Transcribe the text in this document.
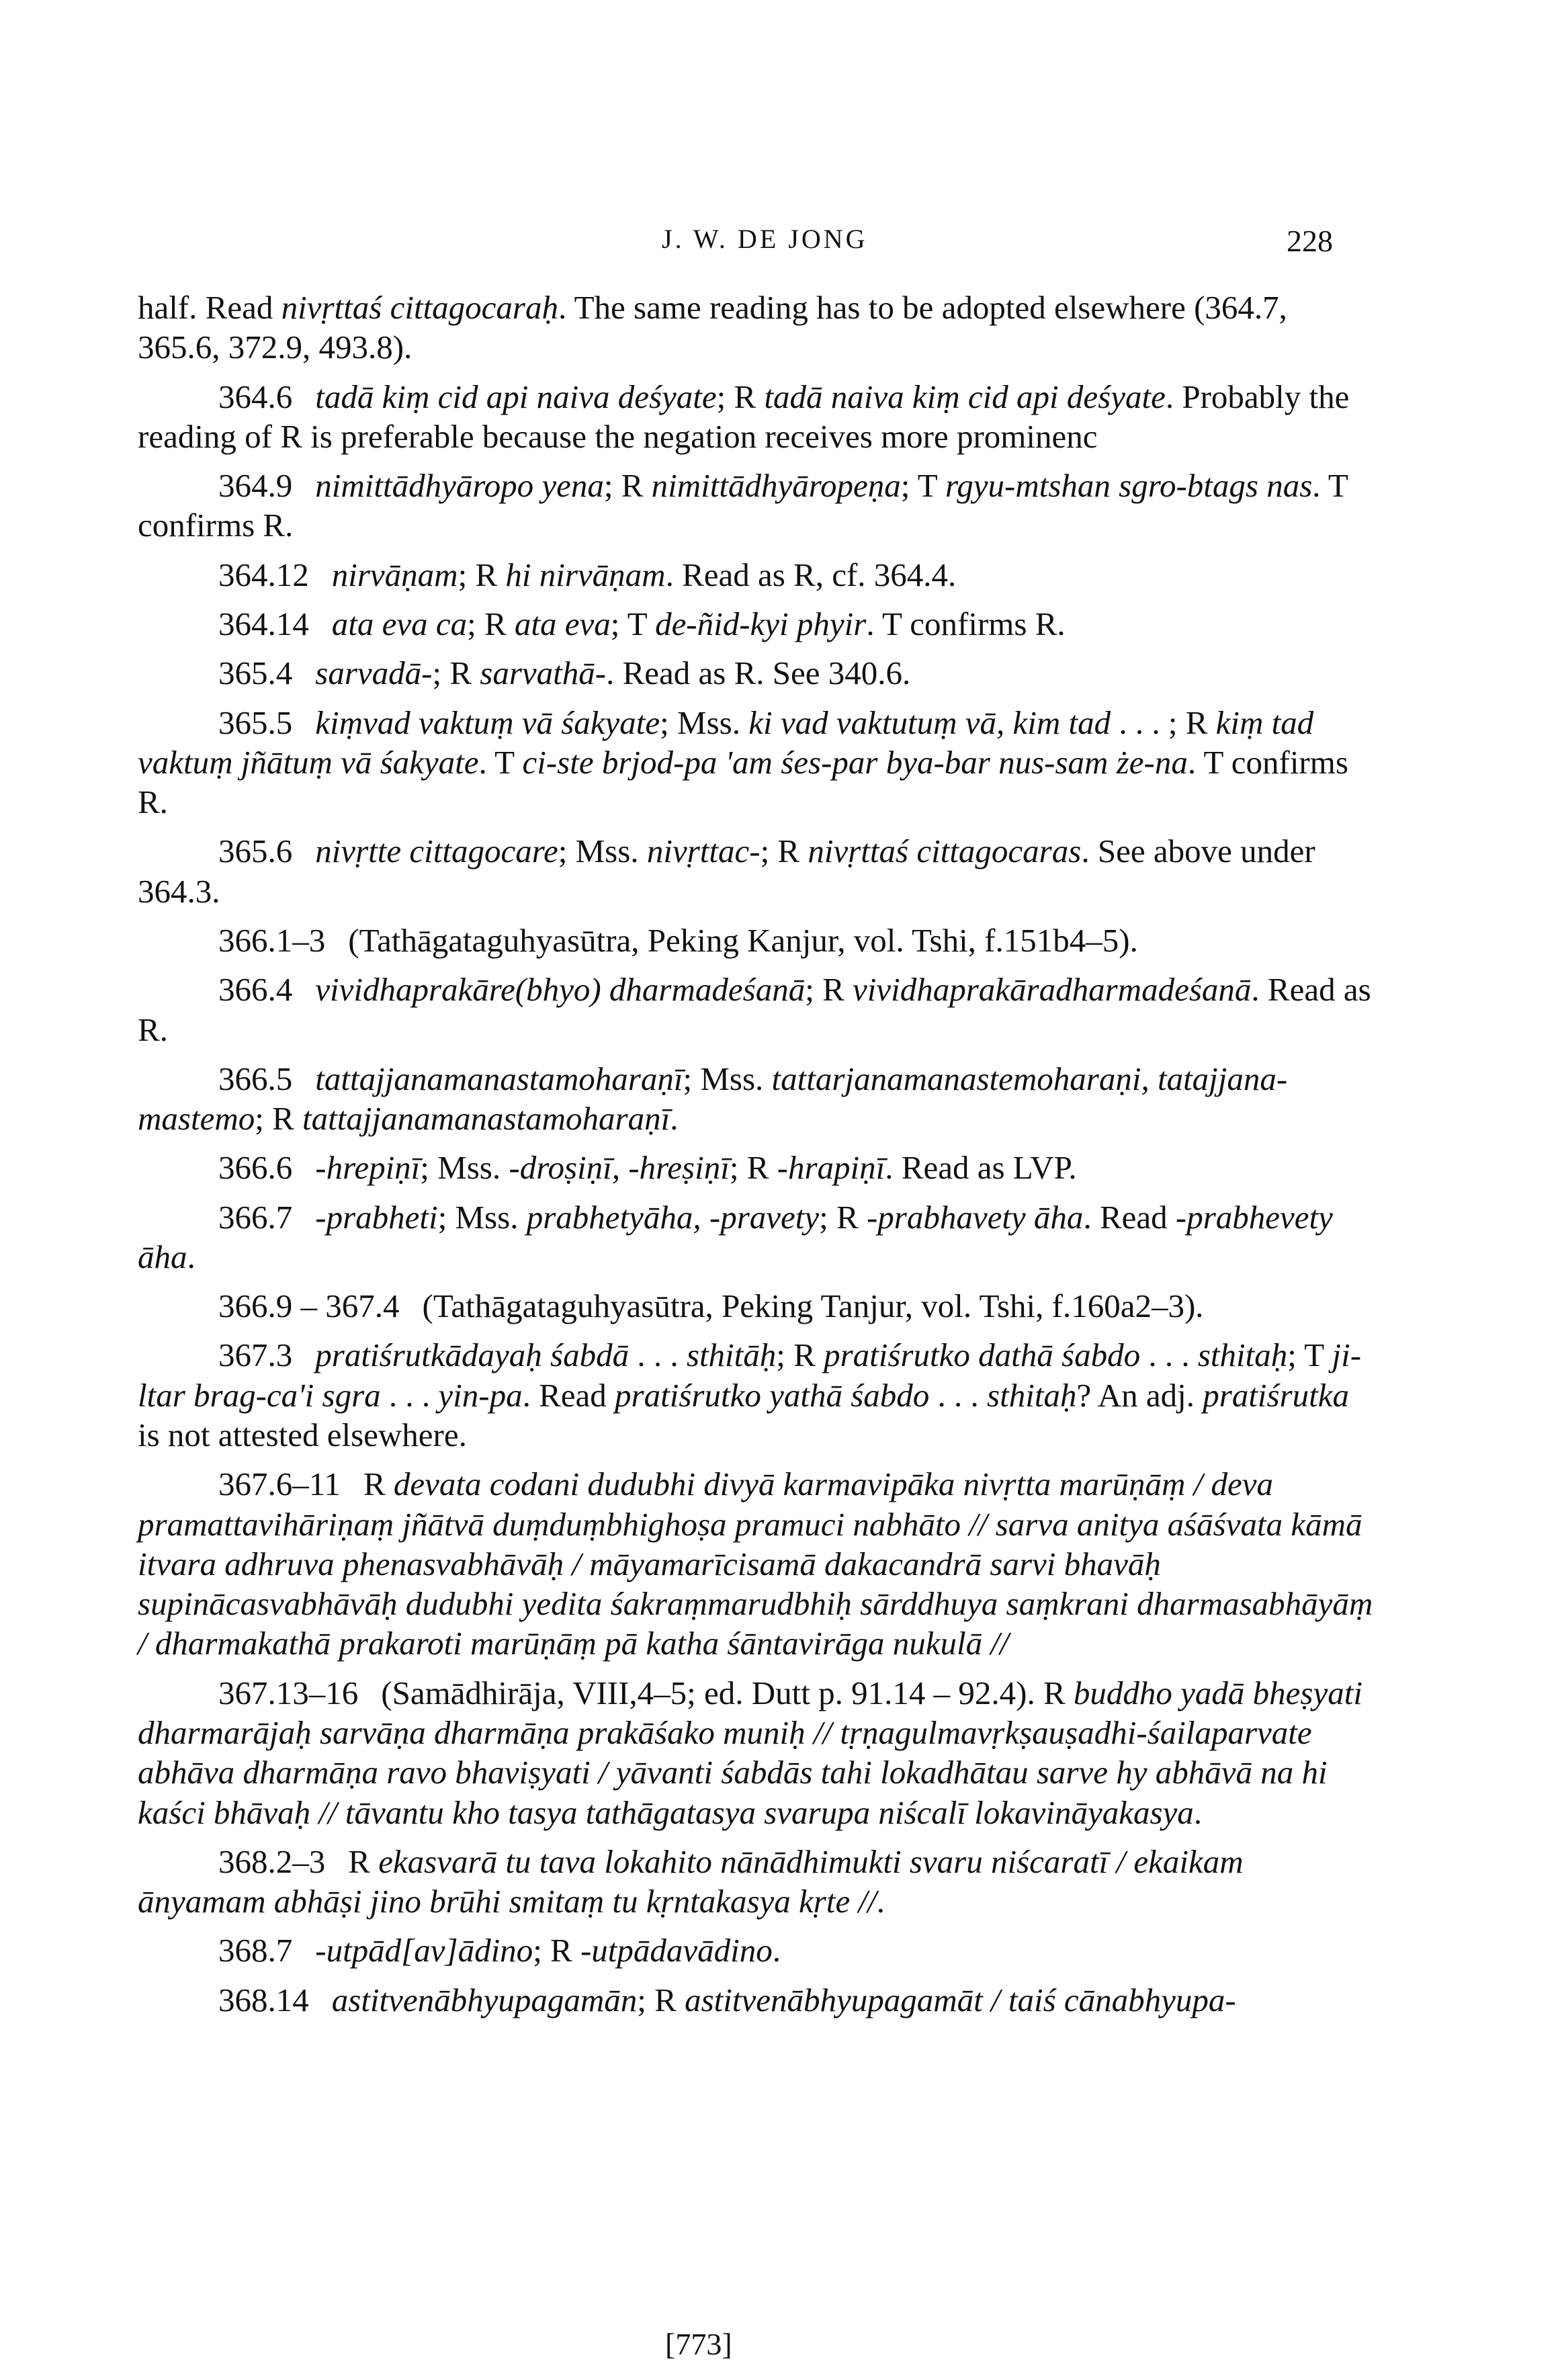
J. W. DE JONG	228

half. Read nivṛttaś cittagocaraḥ. The same reading has to be adopted elsewhere (364.7, 365.6, 372.9, 493.8).

364.6 tadā kiṃ cid api naiva deśyate; R tadā naiva kiṃ cid api deśyate. Probably the reading of R is preferable because the negation receives more prominenc

364.9 nimittādhyāropo yena; R nimittādhyāropeṇa; T rgyu-mtshan sgro-btags nas. T confirms R.

364.12 nirvāṇam; R hi nirvāṇam. Read as R, cf. 364.4.

364.14 ata eva ca; R ata eva; T de-ñid-kyi phyir. T confirms R.

365.4 sarvadā-; R sarvathā-. Read as R. See 340.6.

365.5 kiṃvad vaktuṃ vā śakyate; Mss. ki vad vaktutuṃ vā, kim tad . . . ; R kiṃ tad vaktuṃ jñātuṃ vā śakyate. T ci-ste brjod-pa 'am śes-par bya-bar nus-sam że-na. T confirms R.

365.6 nivṛtte cittagocare; Mss. nivṛttac-; R nivṛttaś cittagocaras. See above under 364.3.

366.1–3 (Tathāgataguhyasūtra, Peking Kanjur, vol. Tshi, f.151b4–5).

366.4 vividhaprakāre(bhyo) dharmadeśanā; R vividhaprakāradharmadeśanā. Read as R.

366.5 tattajjanamanastamoharaṇī; Mss. tattarjanamanastemoharaṇi, tatajjana-mastemo; R tattajjanamanastamoharaṇī.

366.6 -hrepiṇī; Mss. -droṣiṇī, -hreṣiṇī; R -hrapiṇī. Read as LVP.

366.7 -prabheti; Mss. prabhetyāha, -pravety; R -prabhavety āha. Read -prabhevety āha.

366.9 – 367.4 (Tathāgataguhyasūtra, Peking Tanjur, vol. Tshi, f.160a2–3).

367.3 pratiśrutkādayaḥ śabdā . . . sthitāḥ; R pratiśrutko dathā śabdo . . . sthitaḥ; T ji-ltar brag-ca'i sgra . . . yin-pa. Read pratiśrutko yathā śabdo . . . sthitaḥ? An adj. pratiśrutka is not attested elsewhere.

367.6–11 R devata codani dudubhi divyā karmavipāka nivṛtta marūṇāṃ / deva pramattavihāriṇaṃ jñātvā duṃduṃbhighoṣa pramuci nabhāto // sarva anitya aśāśvata kāmā itvara adhruva phenasvabhāvāḥ / māyamarīcisamā dakacandrā sarvi bhavāḥ supinācasvabhāvāḥ dudubhi yedita śakraṃmarudbhiḥ sārddhuya saṃkrani dharmasabhāyāṃ / dharmakathā prakaroti marūṇāṃ pā katha śāntavirāga nukulā //

367.13–16 (Samādhirāja, VIII,4–5; ed. Dutt p. 91.14 – 92.4). R buddho yadā bheṣyati dharmarājaḥ sarvāṇa dharmāṇa prakāśako muniḥ // tṛṇagulmavṛkṣauṣadhi-śailaparvate abhāva dharmāṇa ravo bhaviṣyati / yāvanti śabdās tahi lokadhātau sarve hy abhāvā na hi kaści bhāvaḥ // tāvantu kho tasya tathāgatasya svarupa niścalī lokavināyakasya.

368.2–3 R ekasvarā tu tava lokahito nānādhimukti svaru niścaratī / ekaikam ānyamam abhāṣi jino brūhi smitaṃ tu kṛntakasya kṛte //.

368.7 -utpād[av]ādino; R -utpādavādino.

368.14 astitvenābhyupagamān; R astitvenābhyupagamāt / taiś cānabhyupa-

[773]
